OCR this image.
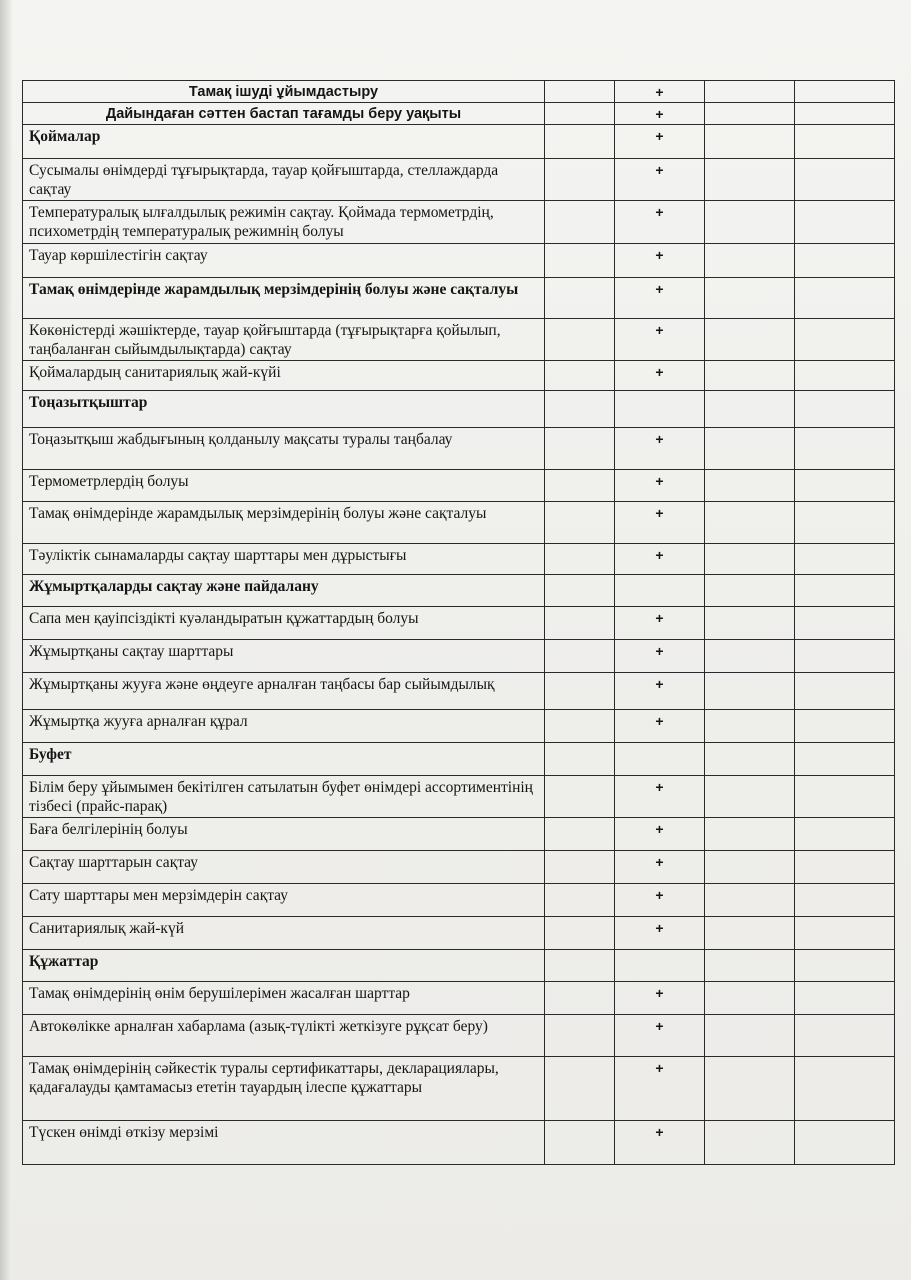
Тамақ ішуді ұйымдастыру		+		
Дайындаған сәттен бастап тағамды беру уақыты		+		
Қоймалар		+		
Сусымалы өнімдерді тұғырықтарда, тауар қойғыштарда, стеллаждарда сақтау		+		
Температуралық ылғалдылық режимін сақтау. Қоймада термометрдің, психометрдің температуралық режимнің болуы		+		
Тауар көршілестігін сақтау		+		
Тамақ өнімдерінде жарамдылық мерзімдерінің болуы және сақталуы		+		
Көкөністерді жәшіктерде, тауар қойғыштарда (тұғырықтарға қойылып, таңбаланған сыйымдылықтарда) сақтау		+		
Қоймалардың санитариялық жай-күйі		+		
Тоңазытқыштар				
Тоңазытқыш жабдығының қолданылу мақсаты туралы таңбалау		+		
Термометрлердің болуы		+		
Тамақ өнімдерінде жарамдылық мерзімдерінің болуы және сақталуы		+		
Тәуліктік сынамаларды сақтау шарттары мен дұрыстығы		+		
Жұмыртқаларды сақтау және пайдалану				
Сапа мен қауіпсіздікті куәландыратын құжаттардың болуы		+		
Жұмыртқаны сақтау шарттары		+		
Жұмыртқаны жууға және өңдеуге арналған таңбасы бар сыйымдылық		+		
Жұмыртқа жууға арналған құрал		+		
Буфет				
Білім беру ұйымымен бекітілген сатылатын буфет өнімдері ассортиментінің тізбесі (прайс-парақ)		+		
Баға белгілерінің болуы		+		
Сақтау шарттарын сақтау		+		
Сату шарттары мен мерзімдерін сақтау		+		
Санитариялық жай-күй		+		
Құжаттар				
Тамақ өнімдерінің өнім берушілерімен жасалған шарттар		+		
Автокөлікке арналған хабарлама (азық-түлікті жеткізуге рұқсат беру)		+		
Тамақ өнімдерінің сәйкестік туралы сертификаттары, декларациялары, қадағалауды қамтамасыз ететін тауардың ілеспе құжаттары		+		
Түскен өнімді өткізу мерзімі		+		
